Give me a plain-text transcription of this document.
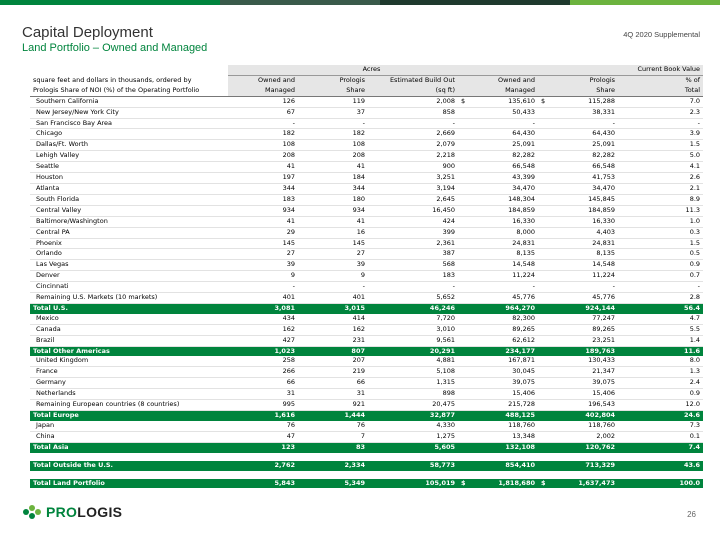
Capital Deployment
Land Portfolio – Owned and Managed
4Q 2020 Supplemental
	Acres				Current Book Value	
square feet and dollars in thousands, ordered by	Owned and	Prologis	Estimated Build Out	Owned and	Prologis	% of
Prologis Share of NOI (%) of the Operating Portfolio	Managed	Share	(sq ft)	Managed	Share	Total
Southern California	126	119	2,008	$ 135,610	$ 115,288	7.0
New Jersey/New York City	67	37	858	50,433	38,331	2.3
San Francisco Bay Area	-	-	-	-	-	-
Chicago	182	182	2,669	64,430	64,430	3.9
Dallas/Ft. Worth	108	108	2,079	25,091	25,091	1.5
Lehigh Valley	208	208	2,218	82,282	82,282	5.0
Seattle	41	41	900	66,548	66,548	4.1
Houston	197	184	3,251	43,399	41,753	2.6
Atlanta	344	344	3,194	34,470	34,470	2.1
South Florida	183	180	2,645	148,304	145,845	8.9
Central Valley	934	934	16,450	184,859	184,859	11.3
Baltimore/Washington	41	41	424	16,330	16,330	1.0
Central PA	29	16	399	8,000	4,403	0.3
Phoenix	145	145	2,361	24,831	24,831	1.5
Orlando	27	27	387	8,135	8,135	0.5
Las Vegas	39	39	568	14,548	14,548	0.9
Denver	9	9	183	11,224	11,224	0.7
Cincinnati	-	-	-	-	-	-
Remaining U.S. Markets (10 markets)	401	401	5,652	45,776	45,776	2.8
Total U.S.	3,081	3,015	46,246	964,270	924,144	56.4
Mexico	434	414	7,720	82,300	77,247	4.7
Canada	162	162	3,010	89,265	89,265	5.5
Brazil	427	231	9,561	62,612	23,251	1.4
Total Other Americas	1,023	807	20,291	234,177	189,763	11.6
United Kingdom	258	207	4,881	167,871	130,433	8.0
France	266	219	5,108	30,045	21,347	1.3
Germany	66	66	1,315	39,075	39,075	2.4
Netherlands	31	31	898	15,406	15,406	0.9
Remaining European countries (8 countries)	995	921	20,475	215,728	196,543	12.0
Total Europe	1,616	1,444	32,877	488,125	402,804	24.6
Japan	76	76	4,330	118,760	118,760	7.3
China	47	7	1,275	13,348	2,002	0.1
Total Asia	123	83	5,605	132,108	120,762	7.4

Total Outside the U.S.	2,762	2,334	58,773	854,410	713,329	43.6

Total Land Portfolio	5,843	5,349	105,019	$ 1,818,680	$ 1,637,473	100.0
PROLOGIS	26
